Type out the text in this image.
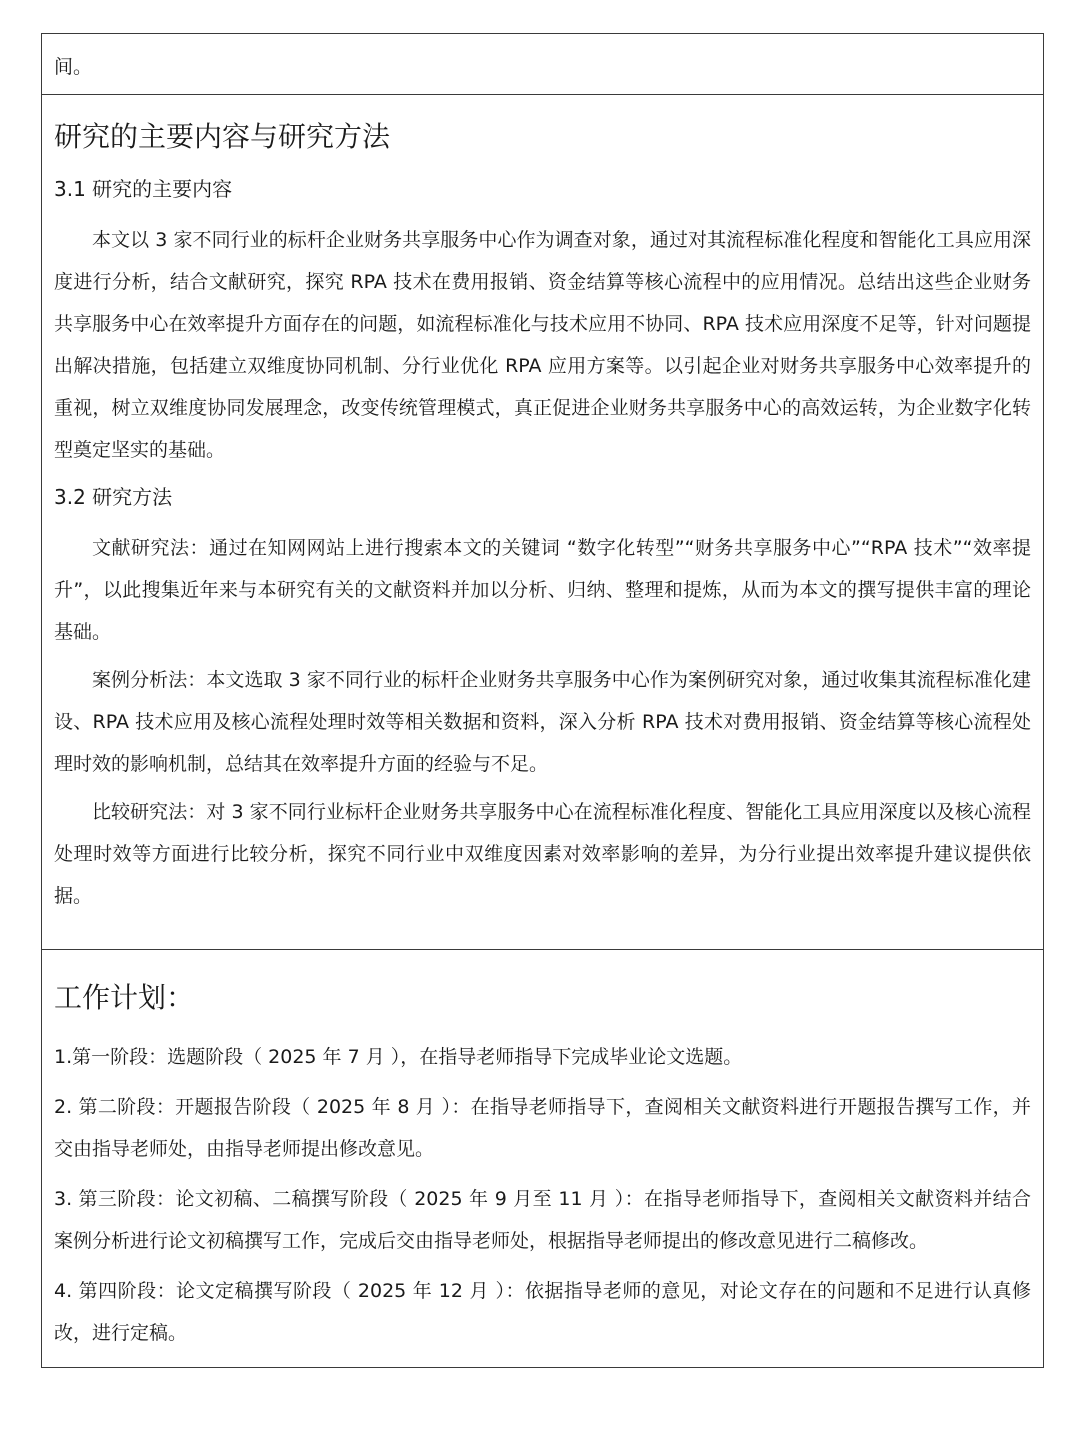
间。

研究的主要内容与研究方法
3.1 研究的主要内容

本文以 3 家不同行业的标杆企业财务共享服务中心作为调查对象，通过对其流程标准化程度和智能化工具应用深度进行分析，结合文献研究，探究 RPA 技术在费用报销、资金结算等核心流程中的应用情况。总结出这些企业财务共享服务中心在效率提升方面存在的问题，如流程标准化与技术应用不协同、RPA 技术应用深度不足等，针对问题提出解决措施，包括建立双维度协同机制、分行业优化 RPA 应用方案等。以引起企业对财务共享服务中心效率提升的重视，树立双维度协同发展理念，改变传统管理模式，真正促进企业财务共享服务中心的高效运转，为企业数字化转型奠定坚实的基础。

3.2 研究方法

文献研究法：通过在知网网站上进行搜索本文的关键词 “数字化转型”“财务共享服务中心”“RPA 技术”“效率提升”，以此搜集近年来与本研究有关的文献资料并加以分析、归纳、整理和提炼，从而为本文的撰写提供丰富的理论基础。

案例分析法：本文选取 3 家不同行业的标杆企业财务共享服务中心作为案例研究对象，通过收集其流程标准化建设、RPA 技术应用及核心流程处理时效等相关数据和资料，深入分析 RPA 技术对费用报销、资金结算等核心流程处理时效的影响机制，总结其在效率提升方面的经验与不足。

比较研究法：对 3 家不同行业标杆企业财务共享服务中心在流程标准化程度、智能化工具应用深度以及核心流程处理时效等方面进行比较分析，探究不同行业中双维度因素对效率影响的差异，为分行业提出效率提升建议提供依据。

工作计划：

1.第一阶段：选题阶段（ 2025 年 7 月 ），在指导老师指导下完成毕业论文选题。

2. 第二阶段：开题报告阶段（ 2025 年 8 月 ）：在指导老师指导下，查阅相关文献资料进行开题报告撰写工作，并交由指导老师处，由指导老师提出修改意见。

3. 第三阶段：论文初稿、二稿撰写阶段（ 2025 年 9 月至 11 月 ）：在指导老师指导下，查阅相关文献资料并结合案例分析进行论文初稿撰写工作，完成后交由指导老师处，根据指导老师提出的修改意见进行二稿修改。

4. 第四阶段：论文定稿撰写阶段（ 2025 年 12 月 ）：依据指导老师的意见，对论文存在的问题和不足进行认真修改，进行定稿。
